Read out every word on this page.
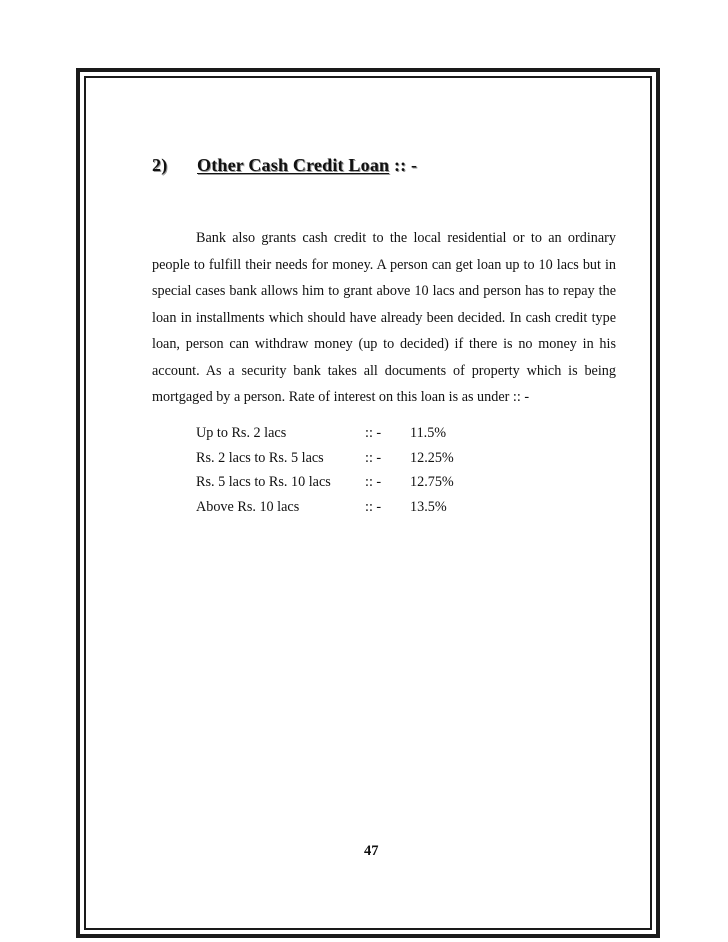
2) Other Cash Credit Loan :: -

Bank also grants cash credit to the local residential or to an ordinary
people to fulfill their needs for money. A person can get loan up to 10 lacs but in
special cases bank allows him to grant above 10 lacs and person has to repay the
loan in installments which should have already been decided. In cash credit type
loan, person can withdraw money (up to decided) if there is no money in his
account. As a security bank takes all documents of property which is being
mortgaged by a person. Rate of interest on this loan is as under :: -

Up to Rs. 2 lacs	:: - 11.5%
Rs. 2 lacs to Rs. 5 lacs	:: - 12.25%
Rs. 5 lacs to Rs. 10 lacs :: - 12.75%
Above Rs. 10 lacs	:: - 13.5%
47
